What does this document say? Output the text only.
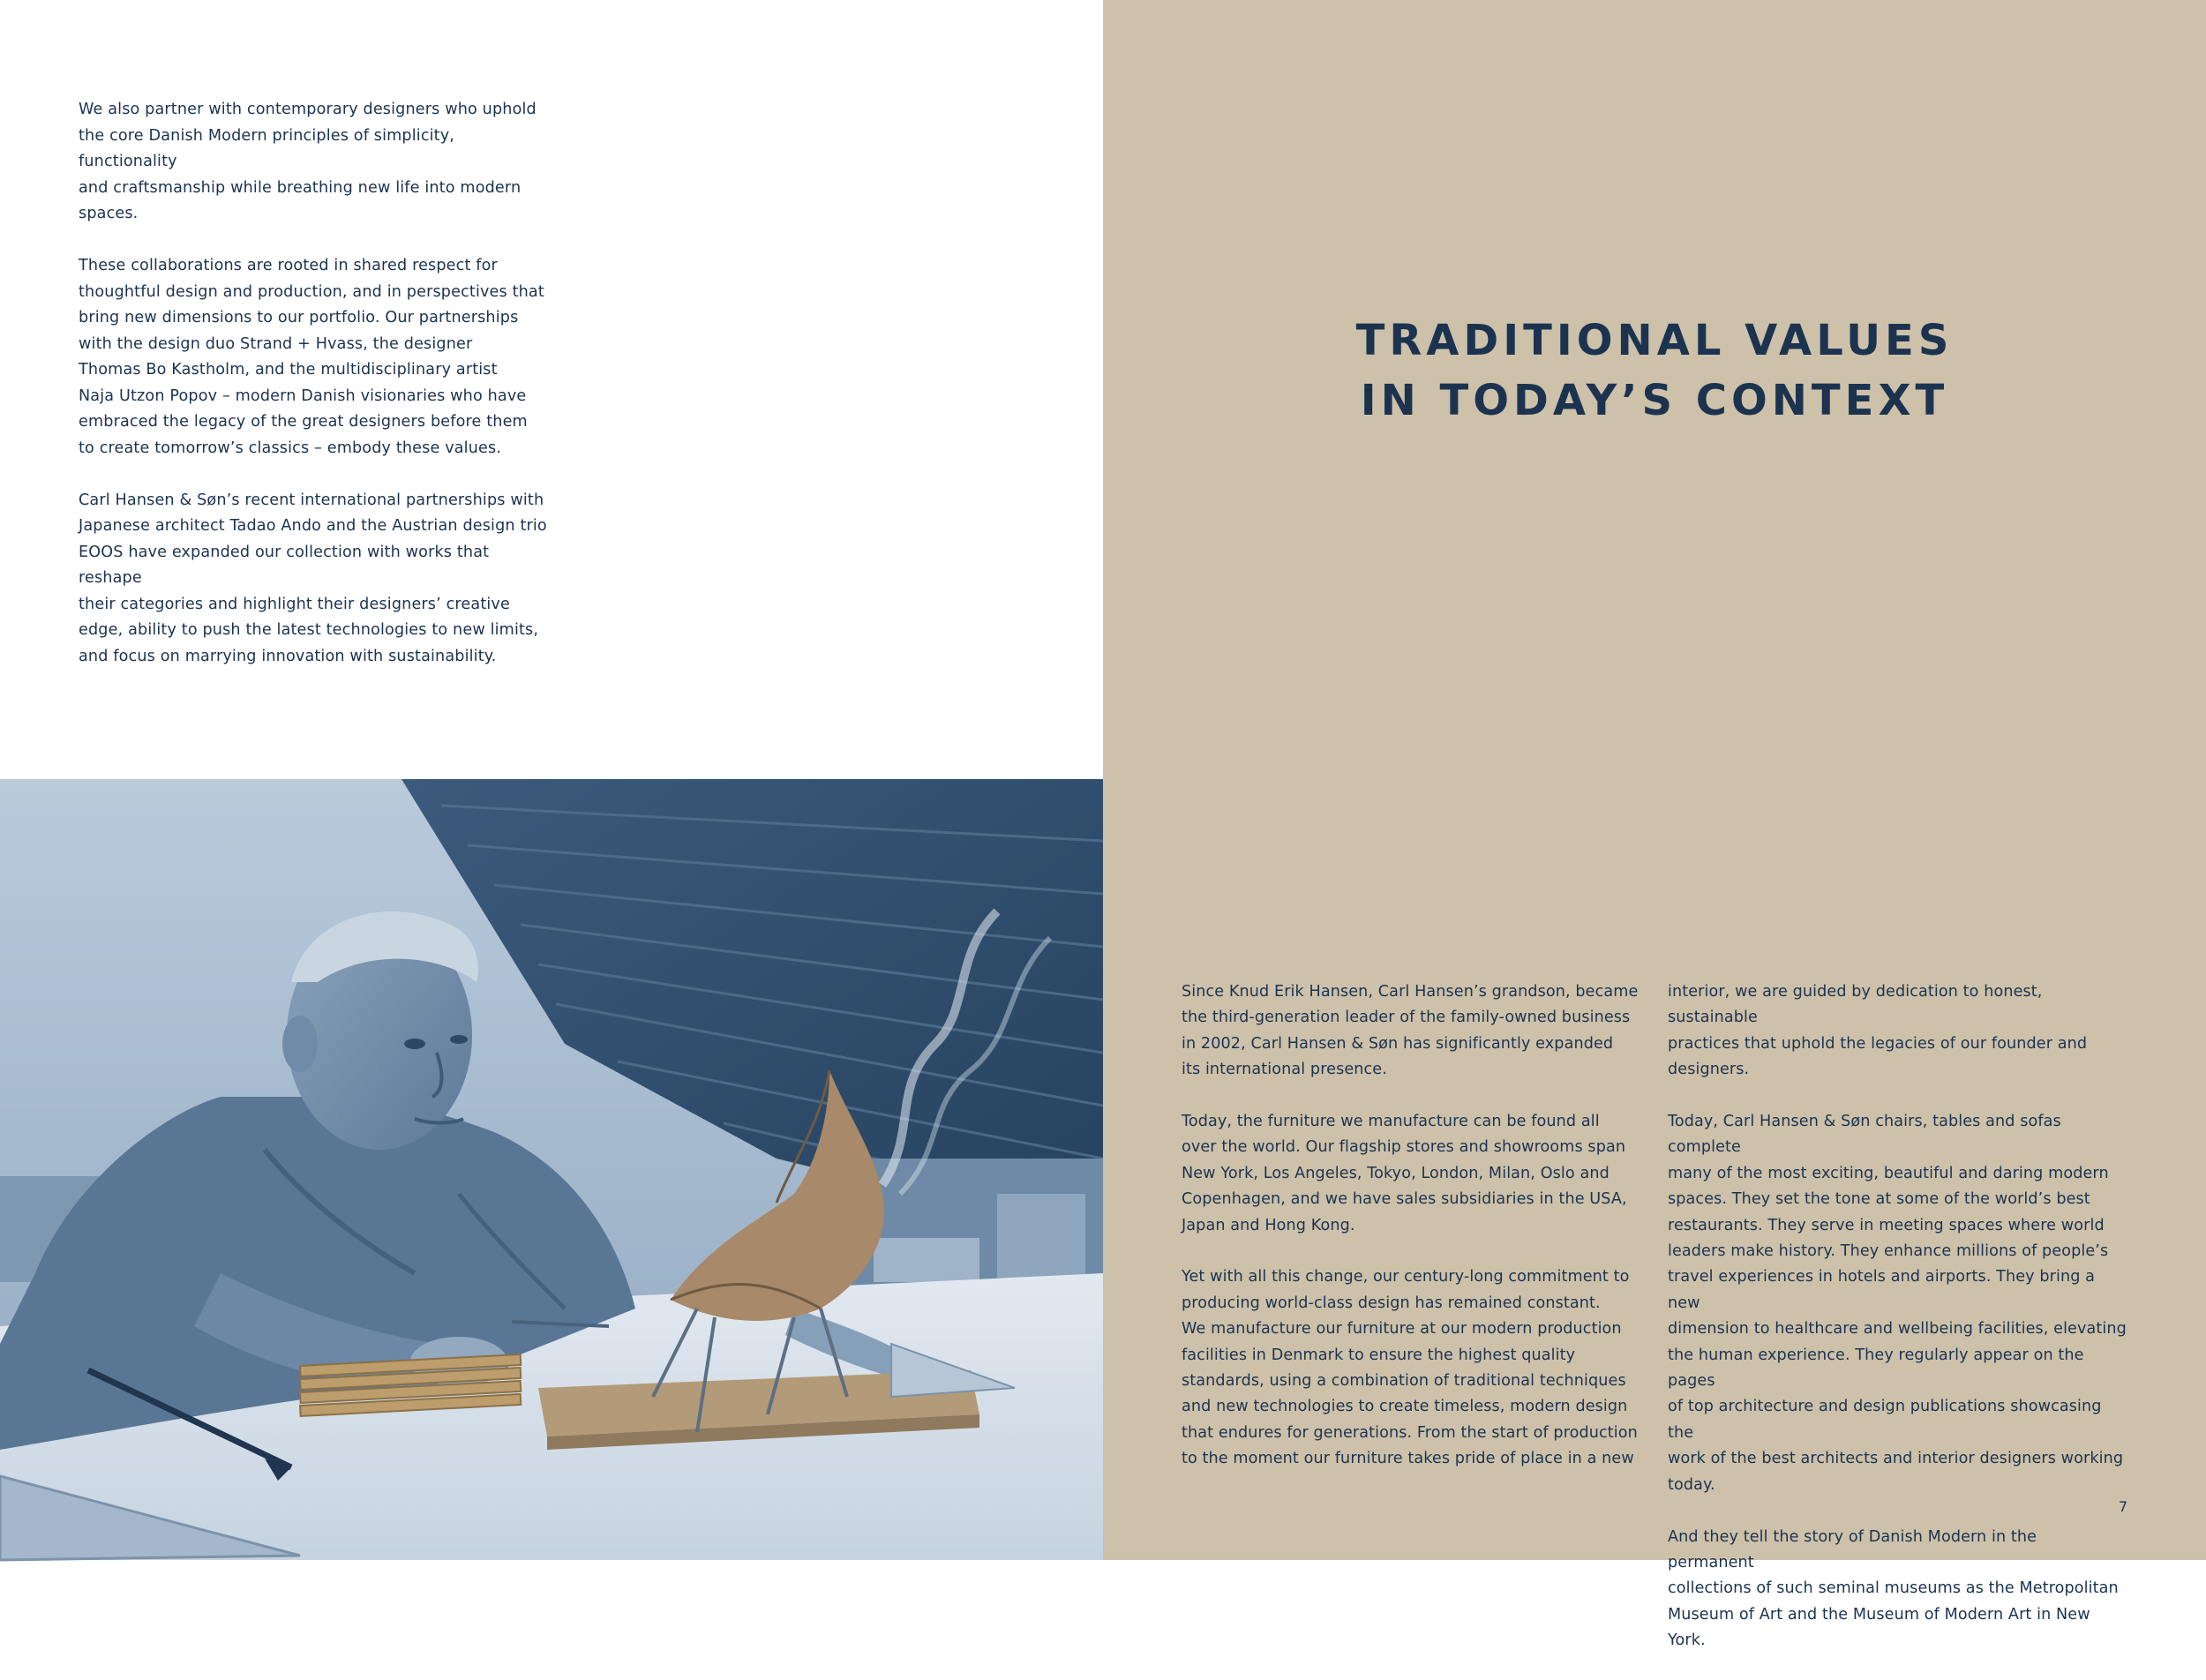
We also partner with contemporary designers who uphold
the core Danish Modern principles of simplicity, functionality
and craftsmanship while breathing new life into modern
spaces.

These collaborations are rooted in shared respect for
thoughtful design and production, and in perspectives that
bring new dimensions to our portfolio. Our partnerships
with the design duo Strand + Hvass, the designer
Thomas Bo Kastholm, and the multidisciplinary artist
Naja Utzon Popov – modern Danish visionaries who have
embraced the legacy of the great designers before them
to create tomorrow’s classics – embody these values.

Carl Hansen & Søn’s recent international partnerships with
Japanese architect Tadao Ando and the Austrian design trio
EOOS have expanded our collection with works that reshape
their categories and highlight their designers’ creative
edge, ability to push the latest technologies to new limits,
and focus on marrying innovation with sustainability.

TRADITIONAL VALUES
IN TODAY’S CONTEXT

Since Knud Erik Hansen, Carl Hansen’s grandson, became
the third-generation leader of the family-owned business
in 2002, Carl Hansen & Søn has significantly expanded
its international presence.

Today, the furniture we manufacture can be found all
over the world. Our flagship stores and showrooms span
New York, Los Angeles, Tokyo, London, Milan, Oslo and
Copenhagen, and we have sales subsidiaries in the USA,
Japan and Hong Kong.

Yet with all this change, our century-long commitment to
producing world-class design has remained constant.
We manufacture our furniture at our modern production
facilities in Denmark to ensure the highest quality
standards, using a combination of traditional techniques
and new technologies to create timeless, modern design
that endures for generations. From the start of production
to the moment our furniture takes pride of place in a new

interior, we are guided by dedication to honest, sustainable
practices that uphold the legacies of our founder and
designers.

Today, Carl Hansen & Søn chairs, tables and sofas complete
many of the most exciting, beautiful and daring modern
spaces. They set the tone at some of the world’s best
restaurants. They serve in meeting spaces where world
leaders make history. They enhance millions of people’s
travel experiences in hotels and airports. They bring a new
dimension to healthcare and wellbeing facilities, elevating
the human experience. They regularly appear on the pages
of top architecture and design publications showcasing the
work of the best architects and interior designers working
today.

And they tell the story of Danish Modern in the permanent
collections of such seminal museums as the Metropolitan
Museum of Art and the Museum of Modern Art in New York.

7
